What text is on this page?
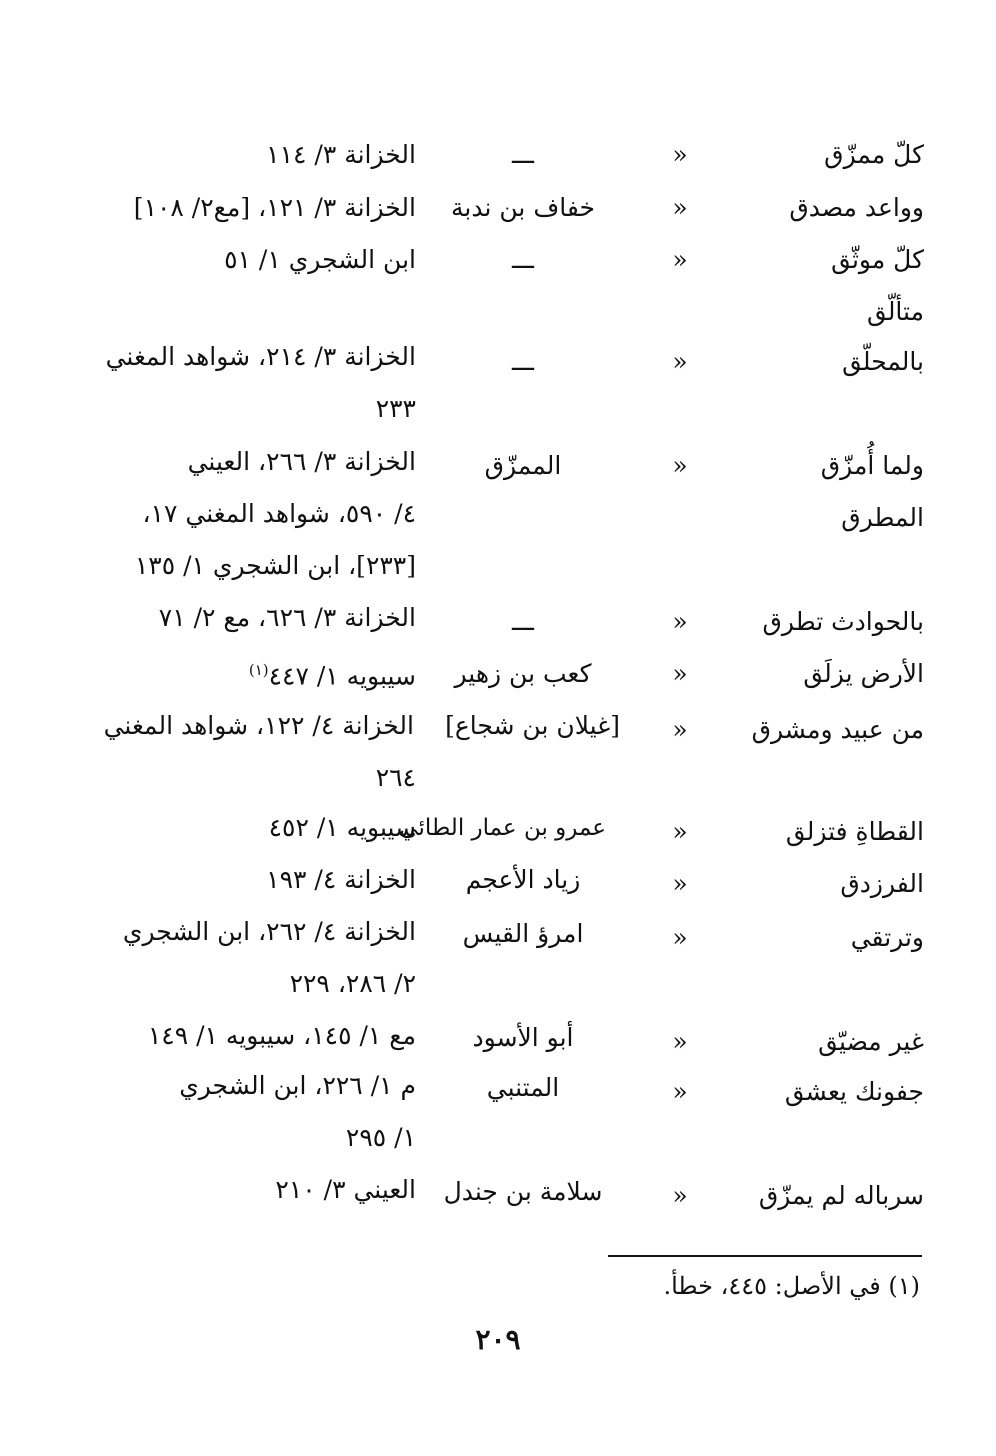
كلّ ممزّق
«
ـــ
الخزانة ٣/ ١١٤
وواعد مصدق
«
خفاف بن ندبة
الخزانة ٣/ ١٢١، [مع٢/ ١٠٨]
كلّ موثّق
«
ـــ
ابن الشجري ١/ ٥١
متألّق
بالمحلّق
«
ـــ
الخزانة ٣/ ٢١٤، شواهد المغني
٢٣٣
ولما أُمزّق
المطرق
«
الممزّق
الخزانة ٣/ ٢٦٦، العيني
٤/ ٥٩٠، شواهد المغني ١٧،
[٢٣٣]، ابن الشجري ١/ ١٣٥
بالحوادث تطرق
«
ـــ
الخزانة ٣/ ٦٢٦، مع ٢/ ٧١
الأرض يزلَق
«
كعب بن زهير
سيبويه ١/ ٤٤٧$^{(١)}$
من عبيد ومشرق
«
[غيلان بن شجاع]
الخزانة ٤/ ١٢٢، شواهد المغني
٢٦٤
القطاةِ فتزلق
«
عمرو بن عمار الطائي
سيبويه ١/ ٤٥٢
الفرزدق
«
زياد الأعجم
الخزانة ٤/ ١٩٣
وترتقي
«
امرؤ القيس
الخزانة ٤/ ٢٦٢، ابن الشجري
٢/ ٢٨٦، ٢٢٩
غير مضيّق
«
أبو الأسود
مع ١/ ١٤٥، سيبويه ١/ ١٤٩
جفونك يعشق
«
المتنبي
م ١/ ٢٢٦، ابن الشجري
١/ ٢٩٥
سرباله لم يمزّق
«
سلامة بن جندل
العيني ٣/ ٢١٠
(١) في الأصل: ٤٤٥، خطأ.
٢٠٩
